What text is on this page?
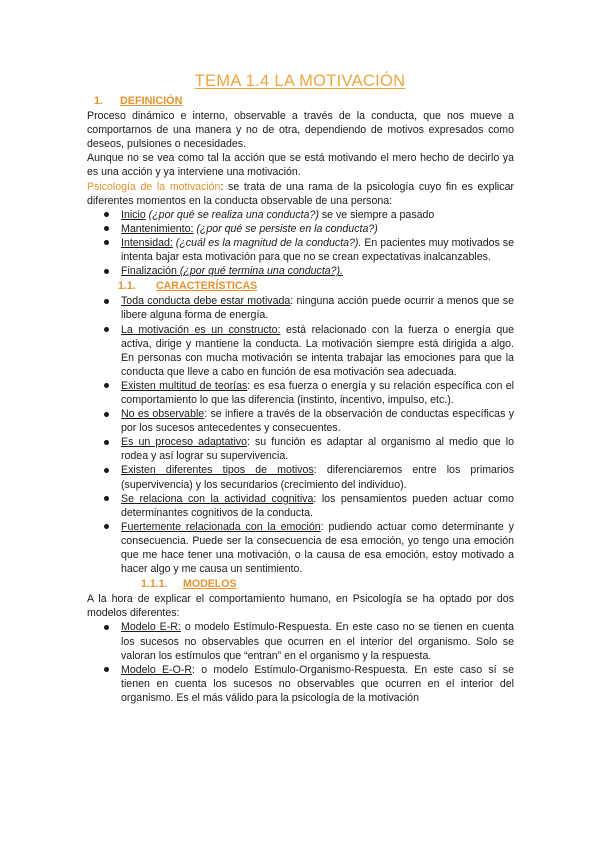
TEMA 1.4 LA MOTIVACIÓN
1. DEFINICIÓN

Proceso dinámico e interno, observable a través de la conducta, que nos mueve a comportarnos de una manera y no de otra, dependiendo de motivos expresados como deseos, pulsiones o necesidades.

Aunque no se vea como tal la acción que se está motivando el mero hecho de decirlo ya es una acción y ya interviene una motivación.

Psicología de la motivación: se trata de una rama de la psicología cuyo fin es explicar diferentes momentos en la conducta observable de una persona:

Inicio (¿por qué se realiza una conducta?) se ve siempre a pasado
Mantenimiento: (¿por qué se persiste en la conducta?)
Intensidad: (¿cuál es la magnitud de la conducta?). En pacientes muy motivados se intenta bajar esta motivación para que no se crean expectativas inalcanzables.
Finalización (¿por qué termina una conducta?).
1.1. CARACTERÍSTICAS
Toda conducta debe estar motivada: ninguna acción puede ocurrir a menos que se libere alguna forma de energía.
La motivación es un constructo: está relacionado con la fuerza o energía que activa, dirige y mantiene la conducta. La motivación siempre está dirigida a algo. En personas con mucha motivación se intenta trabajar las emociones para que la conducta que lleve a cabo en función de esa motivación sea adecuada.
Existen multitud de teorías: es esa fuerza o energía y su relación específica con el comportamiento lo que las diferencia (instinto, incentivo, impulso, etc.).
No es observable: se infiere a través de la observación de conductas específicas y por los sucesos antecedentes y consecuentes.
Es un proceso adaptativo: su función es adaptar al organismo al medio que lo rodea y así lograr su supervivencia.
Existen diferentes tipos de motivos: diferenciaremos entre los primarios (supervivencia) y los secundarios (crecimiento del individuo).
Se relaciona con la actividad cognitiva: los pensamientos pueden actuar como determinantes cognitivos de la conducta.
Fuertemente relacionada con la emoción: pudiendo actuar como determinante y consecuencia. Puede ser la consecuencia de esa emoción, yo tengo una emoción que me hace tener una motivación, o la causa de esa emoción, estoy motivado a hacer algo y me causa un sentimiento.
1.1.1. MODELOS

A la hora de explicar el comportamiento humano, en Psicología se ha optado por dos modelos diferentes:

Modelo E-R: o modelo Estímulo-Respuesta. En este caso no se tienen en cuenta los sucesos no observables que ocurren en el interior del organismo. Solo se valoran los estímulos que “entran” en el organismo y la respuesta.
Modelo E-O-R: o modelo Estímulo-Organismo-Respuesta. En este caso sí se tienen en cuenta los sucesos no observables que ocurren en el interior del organismo. Es el más válido para la psicología de la motivación
